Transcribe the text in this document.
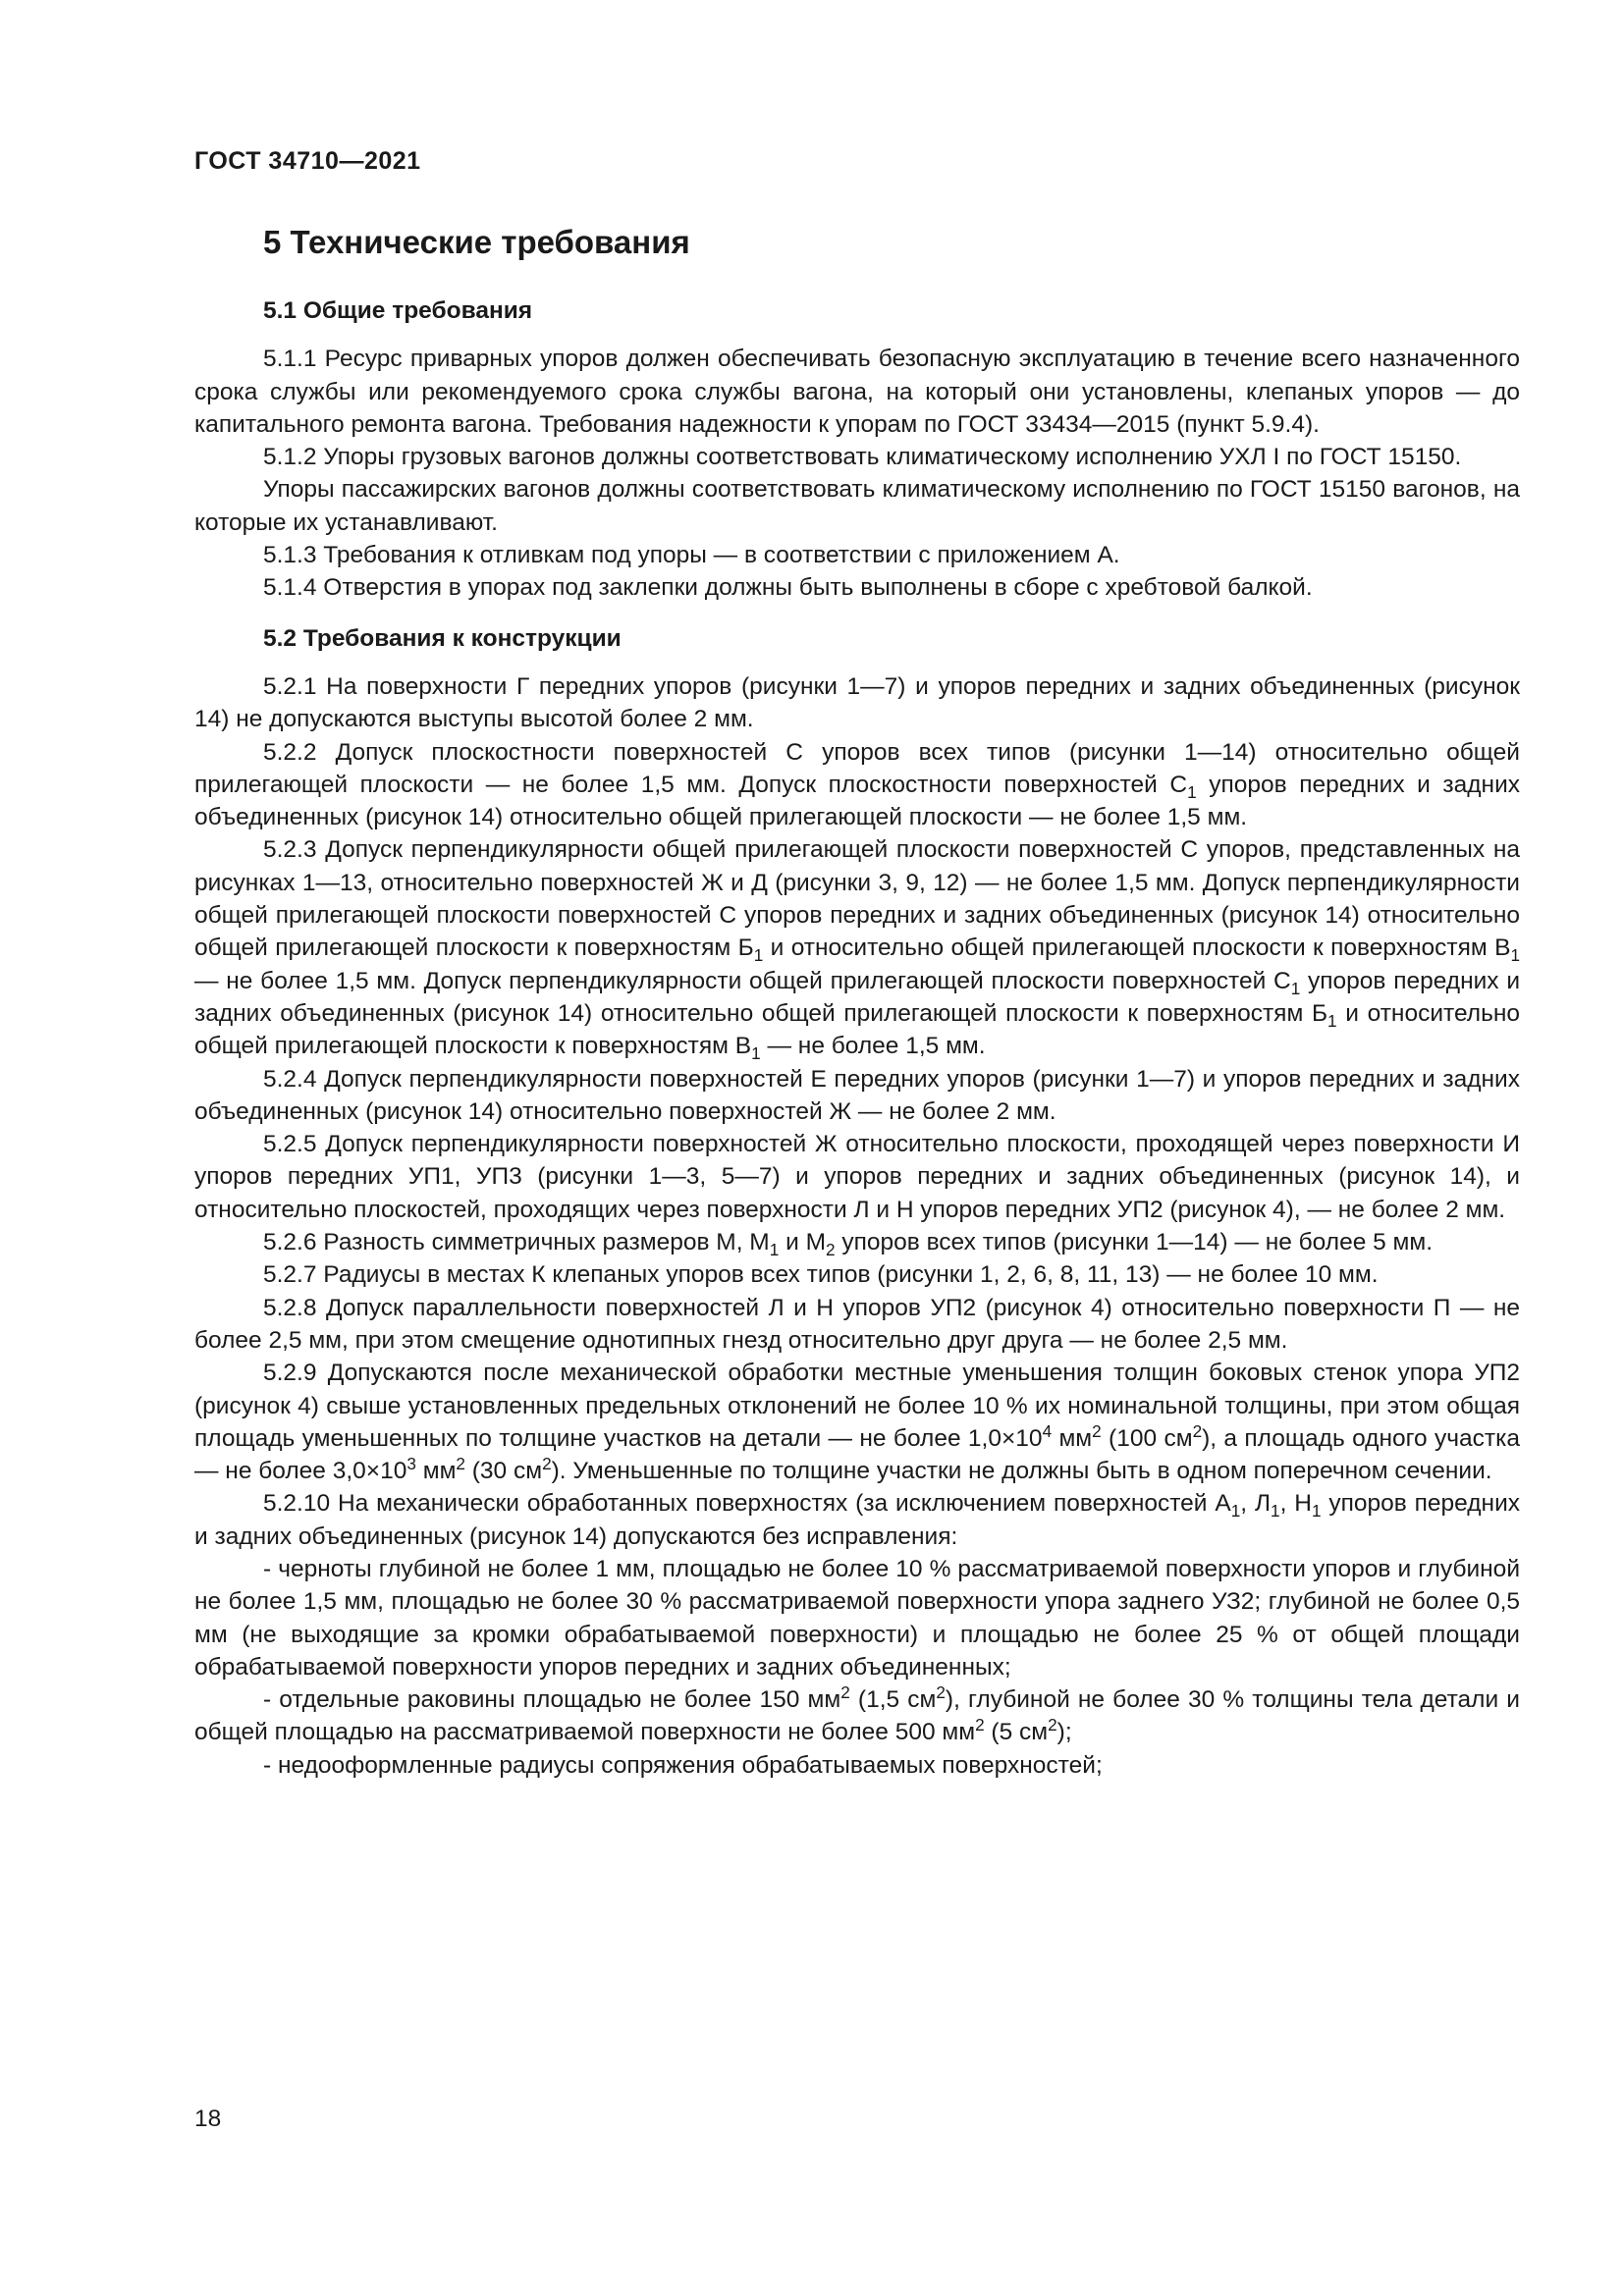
ГОСТ 34710—2021
5 Технические требования

5.1 Общие требования

5.1.1 Ресурс приварных упоров должен обеспечивать безопасную эксплуатацию в течение всего назначенного срока службы или рекомендуемого срока службы вагона, на который они установлены, клепаных упоров — до капитального ремонта вагона. Требования надежности к упорам по ГОСТ 33434—2015 (пункт 5.9.4).

5.1.2 Упоры грузовых вагонов должны соответствовать климатическому исполнению УХЛ I по ГОСТ 15150.

Упоры пассажирских вагонов должны соответствовать климатическому исполнению по ГОСТ 15150 вагонов, на которые их устанавливают.

5.1.3 Требования к отливкам под упоры — в соответствии с приложением А.

5.1.4 Отверстия в упорах под заклепки должны быть выполнены в сборе с хребтовой балкой.

5.2 Требования к конструкции

5.2.1 На поверхности Г передних упоров (рисунки 1—7) и упоров передних и задних объединенных (рисунок 14) не допускаются выступы высотой более 2 мм.

5.2.2 Допуск плоскостности поверхностей С упоров всех типов (рисунки 1—14) относительно общей прилегающей плоскости — не более 1,5 мм. Допуск плоскостности поверхностей $С_1$ упоров передних и задних объединенных (рисунок 14) относительно общей прилегающей плоскости — не более 1,5 мм.

5.2.3 Допуск перпендикулярности общей прилегающей плоскости поверхностей С упоров, представленных на рисунках 1—13, относительно поверхностей Ж и Д (рисунки 3, 9, 12) — не более 1,5 мм. Допуск перпендикулярности общей прилегающей плоскости поверхностей С упоров передних и задних объединенных (рисунок 14) относительно общей прилегающей плоскости к поверхностям $Б_1$ и относительно общей прилегающей плоскости к поверхностям $В_1$ — не более 1,5 мм. Допуск перпендикулярности общей прилегающей плоскости поверхностей $С_1$ упоров передних и задних объединенных (рисунок 14) относительно общей прилегающей плоскости к поверхностям $Б_1$ и относительно общей прилегающей плоскости к поверхностям $В_1$ — не более 1,5 мм.

5.2.4 Допуск перпендикулярности поверхностей Е передних упоров (рисунки 1—7) и упоров передних и задних объединенных (рисунок 14) относительно поверхностей Ж — не более 2 мм.

5.2.5 Допуск перпендикулярности поверхностей Ж относительно плоскости, проходящей через поверхности И упоров передних УП1, УП3 (рисунки 1—3, 5—7) и упоров передних и задних объединенных (рисунок 14), и относительно плоскостей, проходящих через поверхности Л и Н упоров передних УП2 (рисунок 4), — не более 2 мм.

5.2.6 Разность симметричных размеров М, $М_1$ и $М_2$ упоров всех типов (рисунки 1—14) — не более 5 мм.

5.2.7 Радиусы в местах К клепаных упоров всех типов (рисунки 1, 2, 6, 8, 11, 13) — не более 10 мм.

5.2.8 Допуск параллельности поверхностей Л и Н упоров УП2 (рисунок 4) относительно поверхности П — не более 2,5 мм, при этом смещение однотипных гнезд относительно друг друга — не более 2,5 мм.

5.2.9 Допускаются после механической обработки местные уменьшения толщин боковых стенок упора УП2 (рисунок 4) свыше установленных предельных отклонений не более 10 % их номинальной толщины, при этом общая площадь уменьшенных по толщине участков на детали — не более $1,0\times 10^4$ $мм^2$ (100 $см^2$), а площадь одного участка — не более $3,0\times 10^3$ $мм^2$ (30 $см^2$). Уменьшенные по толщине участки не должны быть в одном поперечном сечении.

5.2.10 На механически обработанных поверхностях (за исключением поверхностей $А_1$, $Л_1$, $Н_1$ упоров передних и задних объединенных (рисунок 14) допускаются без исправления:

- черноты глубиной не более 1 мм, площадью не более 10 % рассматриваемой поверхности упоров и глубиной не более 1,5 мм, площадью не более 30 % рассматриваемой поверхности упора заднего УЗ2; глубиной не более 0,5 мм (не выходящие за кромки обрабатываемой поверхности) и площадью не более 25 % от общей площади обрабатываемой поверхности упоров передних и задних объединенных;

- отдельные раковины площадью не более 150 $мм^2$ (1,5 $см^2$), глубиной не более 30 % толщины тела детали и общей площадью на рассматриваемой поверхности не более 500 $мм^2$ (5 $см^2$);

- недооформленные радиусы сопряжения обрабатываемых поверхностей;

18
